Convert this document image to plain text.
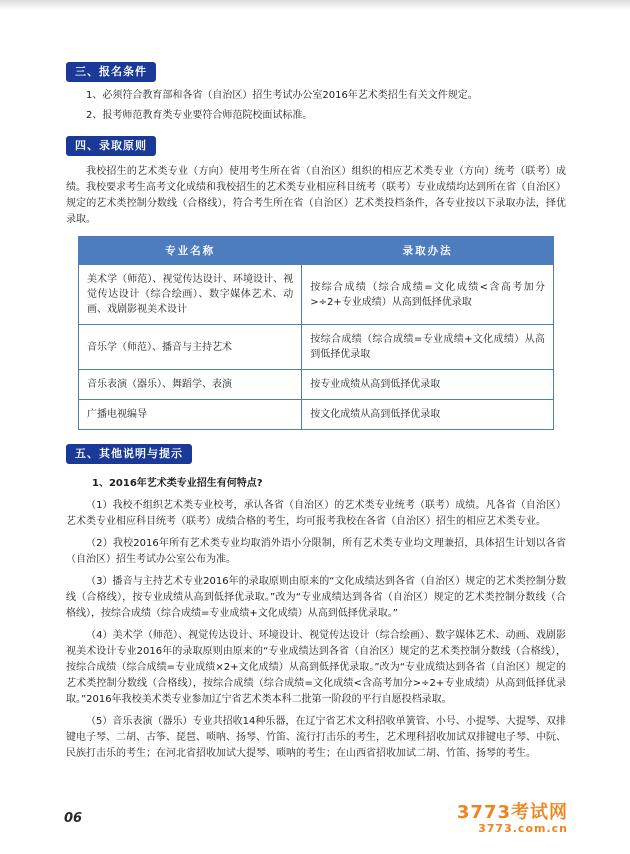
三、报名条件

1、必须符合教育部和各省（自治区）招生考试办公室2016年艺术类招生有关文件规定。

2、报考师范教育类专业要符合师范院校面试标准。

四、录取原则

我校招生的艺术类专业（方向）使用考生所在省（自治区）组织的相应艺术类专业（方向）统考（联考）成绩。我校要求考生高考文化成绩和我校招生的艺术类专业相应科目统考（联考）专业成绩均达到所在省（自治区）规定的艺术类控制分数线（合格线），符合考生所在省（自治区）艺术类投档条件，各专业按以下录取办法，择优录取。

专业名称	录取办法
美术学（师范）、视觉传达设计、环境设计、视觉传达设计（综合绘画）、数字媒体艺术、动画、戏剧影视美术设计	按综合成绩（综合成绩=文化成绩<含高考加分>÷2+专业成绩）从高到低择优录取
音乐学（师范）、播音与主持艺术	按综合成绩（综合成绩=专业成绩+文化成绩）从高到低择优录取
音乐表演（器乐）、舞蹈学、表演	按专业成绩从高到低择优录取
广播电视编导	按文化成绩从高到低择优录取
五、其他说明与提示

1、2016年艺术类专业招生有何特点?

（1）我校不组织艺术类专业校考，承认各省（自治区）的艺术类专业统考（联考）成绩。凡各省（自治区）艺术类专业相应科目统考（联考）成绩合格的考生，均可报考我校在各省（自治区）招生的相应艺术类专业。

（2）我校2016年所有艺术类专业均取消外语小分限制，所有艺术类专业均文理兼招，具体招生计划以各省（自治区）招生考试办公室公布为准。

（3）播音与主持艺术专业2016年的录取原则由原来的“文化成绩达到各省（自治区）规定的艺术类控制分数线（合格线），按专业成绩从高到低择优录取。”改为“专业成绩达到各省（自治区）规定的艺术类控制分数线（合格线），按综合成绩（综合成绩=专业成绩+文化成绩）从高到低择优录取。”

（4）美术学（师范）、视觉传达设计、环境设计、视觉传达设计（综合绘画）、数字媒体艺术、动画、戏剧影视美术设计专业2016年的录取原则由原来的“专业成绩达到各省（自治区）规定的艺术类控制分数线（合格线），按综合成绩（综合成绩=专业成绩×2+文化成绩）从高到低择优录取。”改为“专业成绩达到各省（自治区）规定的艺术类控制分数线（合格线），按综合成绩（综合成绩=文化成绩<含高考加分>÷2+专业成绩）从高到低择优录取。”2016年我校美术类专业参加辽宁省艺术类本科二批第一阶段的平行自愿投档录取。

（5）音乐表演（器乐）专业共招收14种乐器，在辽宁省艺术文科招收单簧管、小号、小提琴、大提琴、双排键电子琴、二胡、古筝、琵琶、唢呐、扬琴、竹笛、流行打击乐的考生，艺术理科招收加试双排键电子琴、中阮、民族打击乐的考生；在河北省招收加试大提琴、唢呐的考生；在山西省招收加试二胡、竹笛、扬琴的考生。

06	3773考试网
3773.com.cn
